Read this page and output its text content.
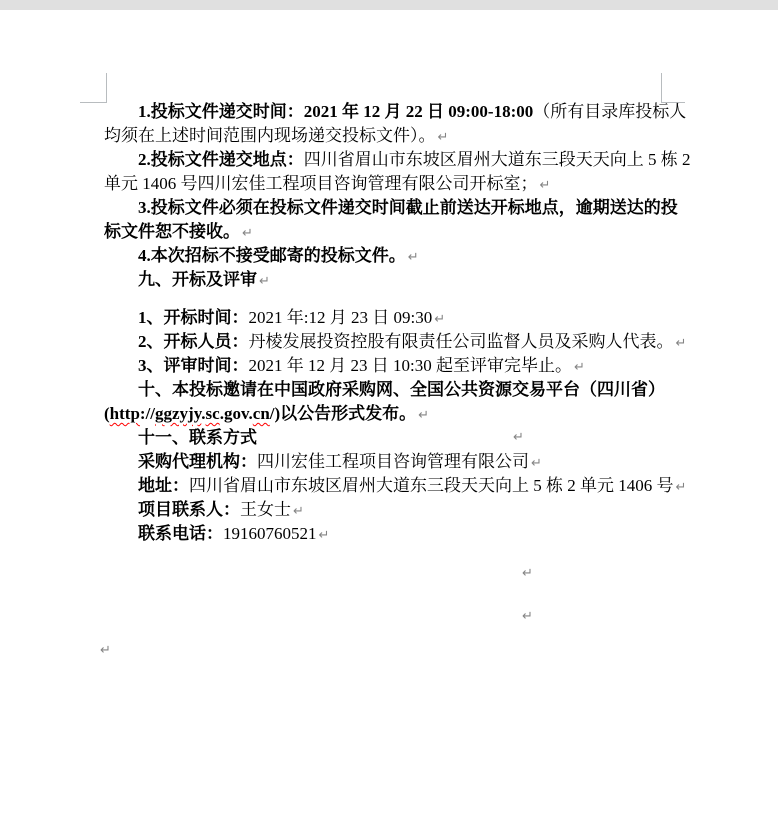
1.投标文件递交时间：2021 年 12 月 22 日 09:00-18:00（所有目录库投标人
均须在上述时间范围内现场递交投标文件）。 ↵
2.投标文件递交地点：四川省眉山市东坡区眉州大道东三段天天向上 5 栋 2
单元 1406 号四川宏佳工程项目咨询管理有限公司开标室； ↵
3.投标文件必须在投标文件递交时间截止前送达开标地点，逾期送达的投
标文件恕不接收。 ↵
4.本次招标不接受邮寄的投标文件。 ↵
九、开标及评审 ↵
1、开标时间：2021 年:12 月 23 日 09:30 ↵
2、开标人员：丹棱发展投资控股有限责任公司监督人员及采购人代表。 ↵
3、评审时间：2021 年 12 月 23 日 10:30 起至评审完毕止。 ↵
十、本投标邀请在中国政府采购网、全国公共资源交易平台（四川省）
(http://ggzyjy.sc.gov.cn/)以公告形式发布。 ↵
十一、联系方式	↵
采购代理机构：四川宏佳工程项目咨询管理有限公司 ↵
地址：四川省眉山市东坡区眉州大道东三段天天向上 5 栋 2 单元 1406 号 ↵
项目联系人：王女士 ↵
联系电话：19160760521 ↵
↵
↵
↵
